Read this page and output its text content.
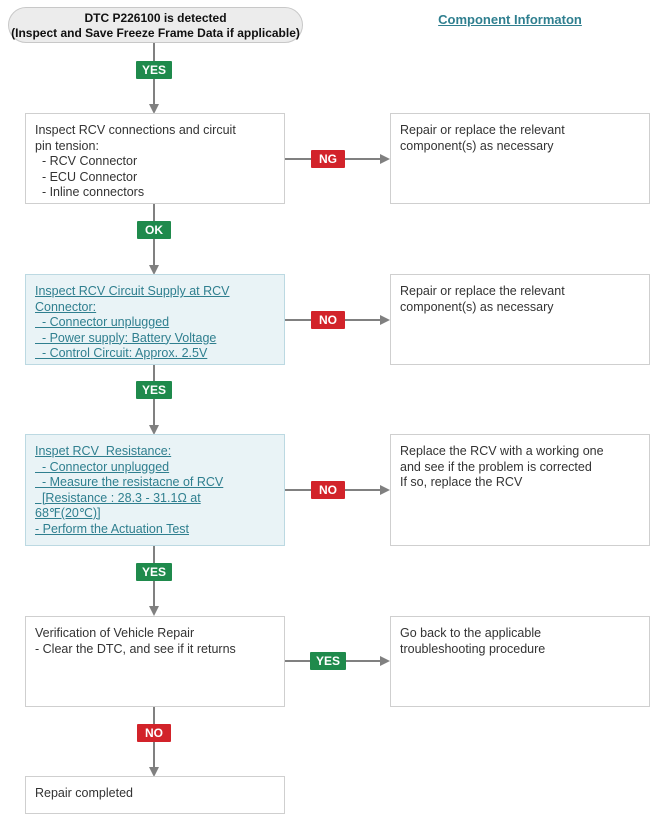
DTC P226100 is detected
(Inspect and Save Freeze Frame Data if applicable)
Component Informaton
Inspect RCV connections and circuit
pin tension:
- RCV Connector
- ECU Connector
- Inline connectors
Inspect RCV Circuit Supply at RCV
Connector:
- Connector unplugged
- Power supply: Battery Voltage
- Control Circuit: Approx. 2.5V
Inspet RCV  Resistance:
- Connector unplugged
- Measure the resistacne of RCV
[Resistance : 28.3 - 31.1Ω at
68℉(20℃)]
- Perform the Actuation Test
Verification of Vehicle Repair
- Clear the DTC, and see if it returns
Repair completed
Repair or replace the relevant
component(s) as necessary
Repair or replace the relevant
component(s) as necessary
Replace the RCV with a working one
and see if the problem is corrected
If so, replace the RCV
Go back to the applicable
troubleshooting procedure
YES
OK
YES
YES
NO
NG
NO
NO
YES
